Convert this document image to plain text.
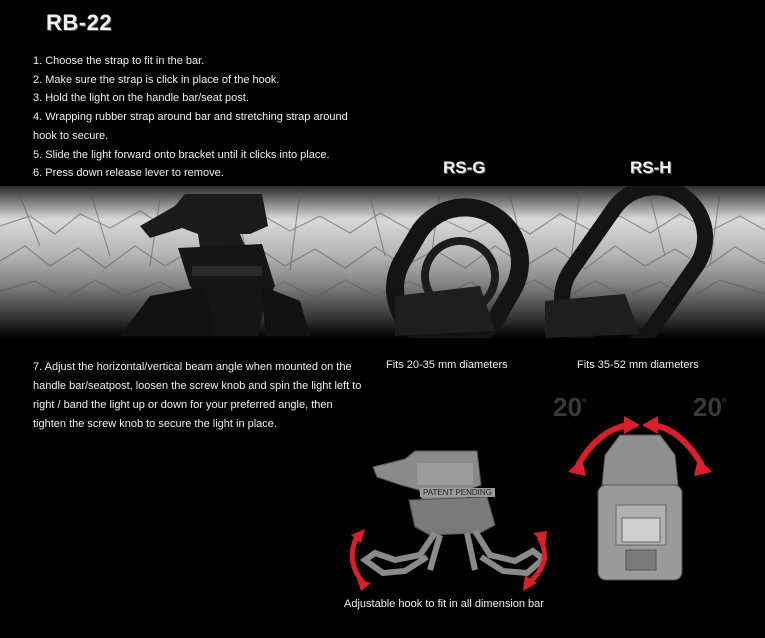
RB-22
1. Choose the strap to fit in the bar.
2. Make sure the strap is click in place of the hook.
3. Hold the light on the handle bar/seat post.
4. Wrapping rubber strap around bar and stretching strap around hook to secure.
5. Slide the light forward onto bracket until it clicks into place.
6. Press down release lever to remove.	RS-G	RS-H
Fits 20-35 mm diameters	Fits 35-52 mm diameters
7. Adjust the horizontal/vertical beam angle when mounted on the handle bar/seatpost, loosen the screw knob and spin the light left to right / band the light up or down for your preferred angle, then tighten the screw knob to secure the light in place.
20°	20°
PATENT PENDING
Adjustable hook to fit in all dimension bar
